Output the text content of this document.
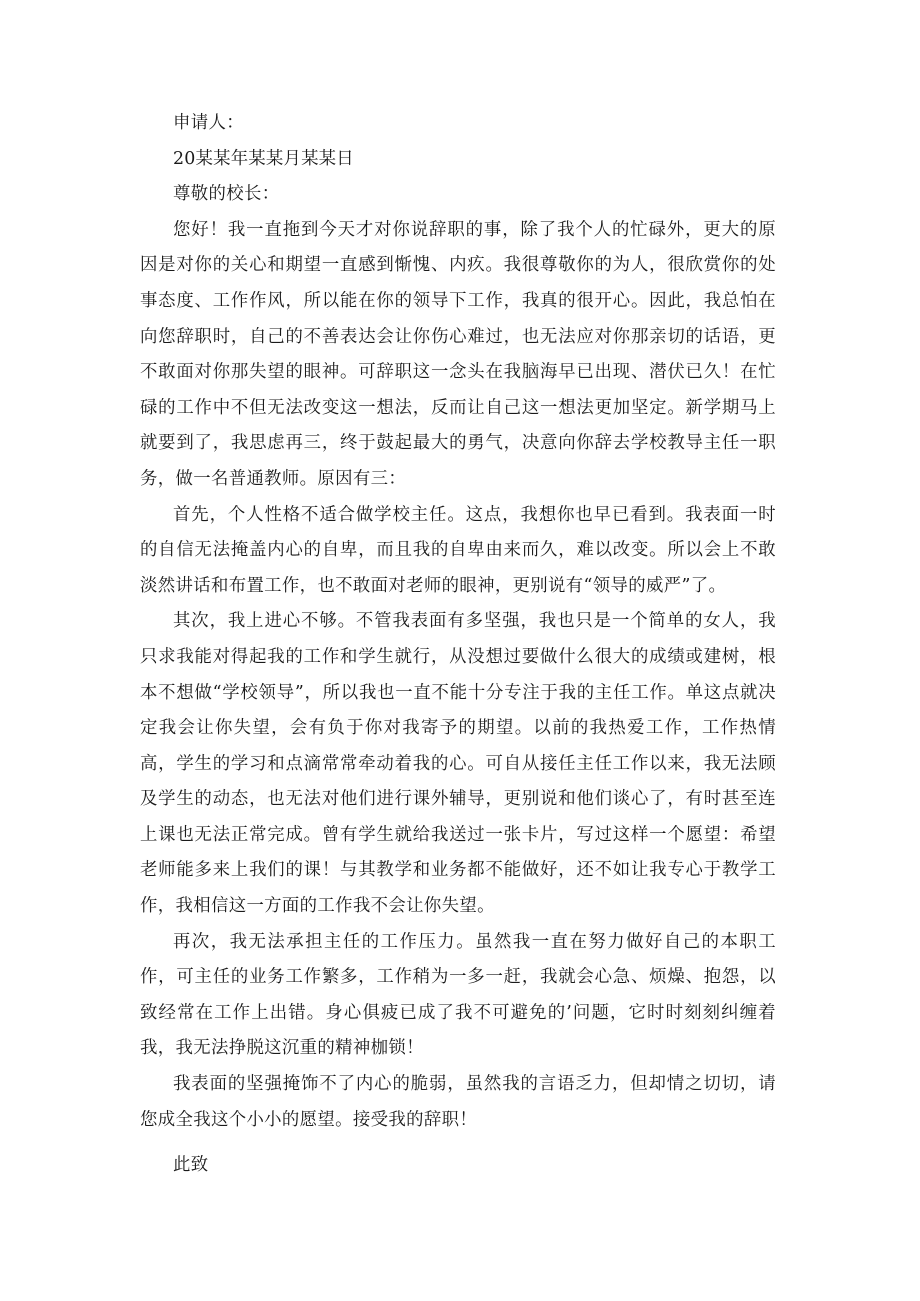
申请人：

20某某年某某月某某日

尊敬的校长：

您好！我一直拖到今天才对你说辞职的事，除了我个人的忙碌外，更大的原因是对你的关心和期望一直感到惭愧、内疚。我很尊敬你的为人，很欣赏你的处事态度、工作作风，所以能在你的领导下工作，我真的很开心。因此，我总怕在向您辞职时，自己的不善表达会让你伤心难过，也无法应对你那亲切的话语，更不敢面对你那失望的眼神。可辞职这一念头在我脑海早已出现、潜伏已久！在忙碌的工作中不但无法改变这一想法，反而让自己这一想法更加坚定。新学期马上就要到了，我思虑再三，终于鼓起最大的勇气，决意向你辞去学校教导主任一职务，做一名普通教师。原因有三：

首先，个人性格不适合做学校主任。这点，我想你也早已看到。我表面一时的自信无法掩盖内心的自卑，而且我的自卑由来而久，难以改变。所以会上不敢淡然讲话和布置工作，也不敢面对老师的眼神，更别说有“领导的威严”了。

其次，我上进心不够。不管我表面有多坚强，我也只是一个简单的女人，我只求我能对得起我的工作和学生就行，从没想过要做什么很大的成绩或建树，根本不想做“学校领导”，所以我也一直不能十分专注于我的主任工作。单这点就决定我会让你失望，会有负于你对我寄予的期望。以前的我热爱工作，工作热情高，学生的学习和点滴常常牵动着我的心。可自从接任主任工作以来，我无法顾及学生的动态，也无法对他们进行课外辅导，更别说和他们谈心了，有时甚至连上课也无法正常完成。曾有学生就给我送过一张卡片，写过这样一个愿望：希望老师能多来上我们的课！与其教学和业务都不能做好，还不如让我专心于教学工作，我相信这一方面的工作我不会让你失望。

再次，我无法承担主任的工作压力。虽然我一直在努力做好自己的本职工作，可主任的业务工作繁多，工作稍为一多一赶，我就会心急、烦燥、抱怨，以致经常在工作上出错。身心俱疲已成了我不可避免的’问题，它时时刻刻纠缠着我，我无法挣脱这沉重的精神枷锁！

我表面的坚强掩饰不了内心的脆弱，虽然我的言语乏力，但却情之切切，请您成全我这个小小的愿望。接受我的辞职！

此致
